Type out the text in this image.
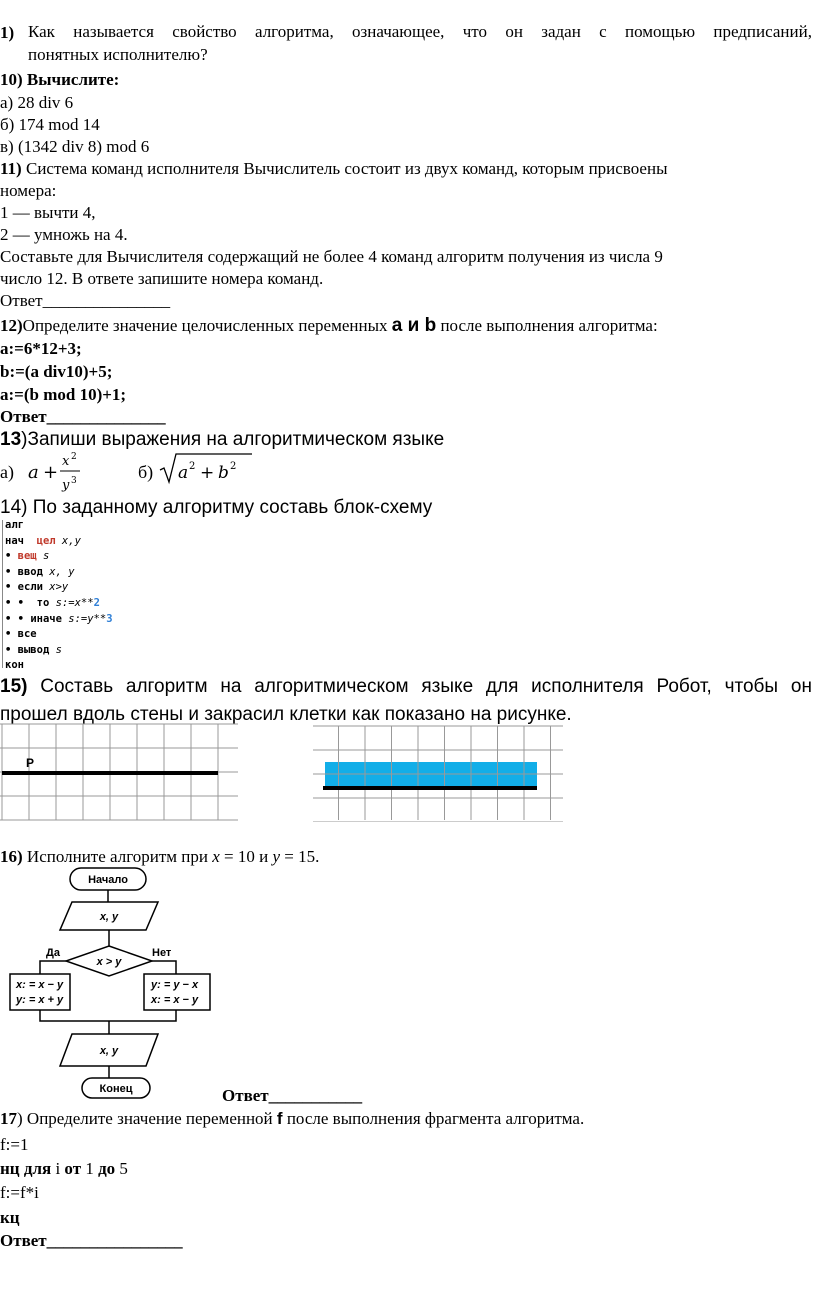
1) Как называется свойство алгоритма, означающее, что он задан с помощью предписаний,
понятных исполнителю?
10) Вычислите:
а) 28 div 6
б) 174 mod 14
в) (1342 div 8) mod 6
11) Система команд исполнителя Вычислитель состоит из двух команд, которым присвоены
номера:
1 — вычти 4,
2 — умножь на 4.
Составьте для Вычислителя содержащий не более 4 команд алгоритм получения из числа 9
число 12. В ответе запишите номера команд.
Ответ_______________
12)Определите значение целочисленных переменных a и b после выполнения алгоритма:
a:=6*12+3;
b:=(a div10)+5;
a:=(b mod 10)+1;
Ответ______________
13)Запиши выражения на алгоритмическом языке
а) a +
x 2
y 3	б) a 2 + b 2
14) По заданному алгоритму составь блок-схему
алг
нач цел x,y
• вещ s
• ввод x, y
• если x>y
• • то s:=x**2
• • иначе s:=y**3
• все
• вывод s
кон
15) Составь алгоритм на алгоритмическом языке для исполнителя Робот, чтобы он
прошел вдоль стены и закрасил клетки как показано на рисунке.
Р
16) Исполните алгоритм при x = 10 и y = 15.
Начало
x, y
x > y
Да	Нет
x: = x − y
y: = x + y
y: = y − x
x: = x − y
x, y
Конец	Ответ___________
17) Определите значение переменной f после выполнения фрагмента алгоритма.
f:=1
нц для i от 1 до 5
f:=f*i
кц
Ответ________________
